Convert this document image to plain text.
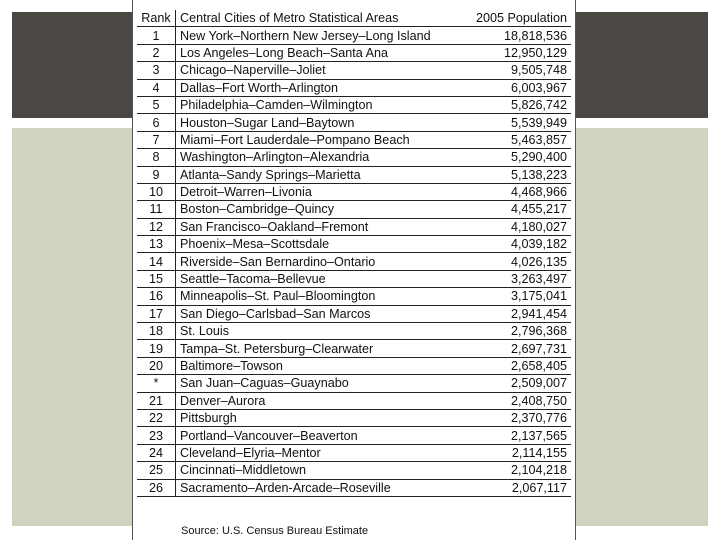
Rank	Central Cities of Metro Statistical Areas	2005 Population
1	New York–Northern New Jersey–Long Island	18,818,536
2	Los Angeles–Long Beach–Santa Ana	12,950,129
3	Chicago–Naperville–Joliet	9,505,748
4	Dallas–Fort Worth–Arlington	6,003,967
5	Philadelphia–Camden–Wilmington	5,826,742
6	Houston–Sugar Land–Baytown	5,539,949
7	Miami–Fort Lauderdale–Pompano Beach	5,463,857
8	Washington–Arlington–Alexandria	5,290,400
9	Atlanta–Sandy Springs–Marietta	5,138,223
10	Detroit–Warren–Livonia	4,468,966
11	Boston–Cambridge–Quincy	4,455,217
12	San Francisco–Oakland–Fremont	4,180,027
13	Phoenix–Mesa–Scottsdale	4,039,182
14	Riverside–San Bernardino–Ontario	4,026,135
15	Seattle–Tacoma–Bellevue	3,263,497
16	Minneapolis–St. Paul–Bloomington	3,175,041
17	San Diego–Carlsbad–San Marcos	2,941,454
18	St. Louis	2,796,368
19	Tampa–St. Petersburg–Clearwater	2,697,731
20	Baltimore–Towson	2,658,405
*	San Juan–Caguas–Guaynabo	2,509,007
21	Denver–Aurora	2,408,750
22	Pittsburgh	2,370,776
23	Portland–Vancouver–Beaverton	2,137,565
24	Cleveland–Elyria–Mentor	2,114,155
25	Cincinnati–Middletown	2,104,218
26	Sacramento–Arden-Arcade–Roseville	2,067,117
Source: U.S. Census Bureau Estimate
